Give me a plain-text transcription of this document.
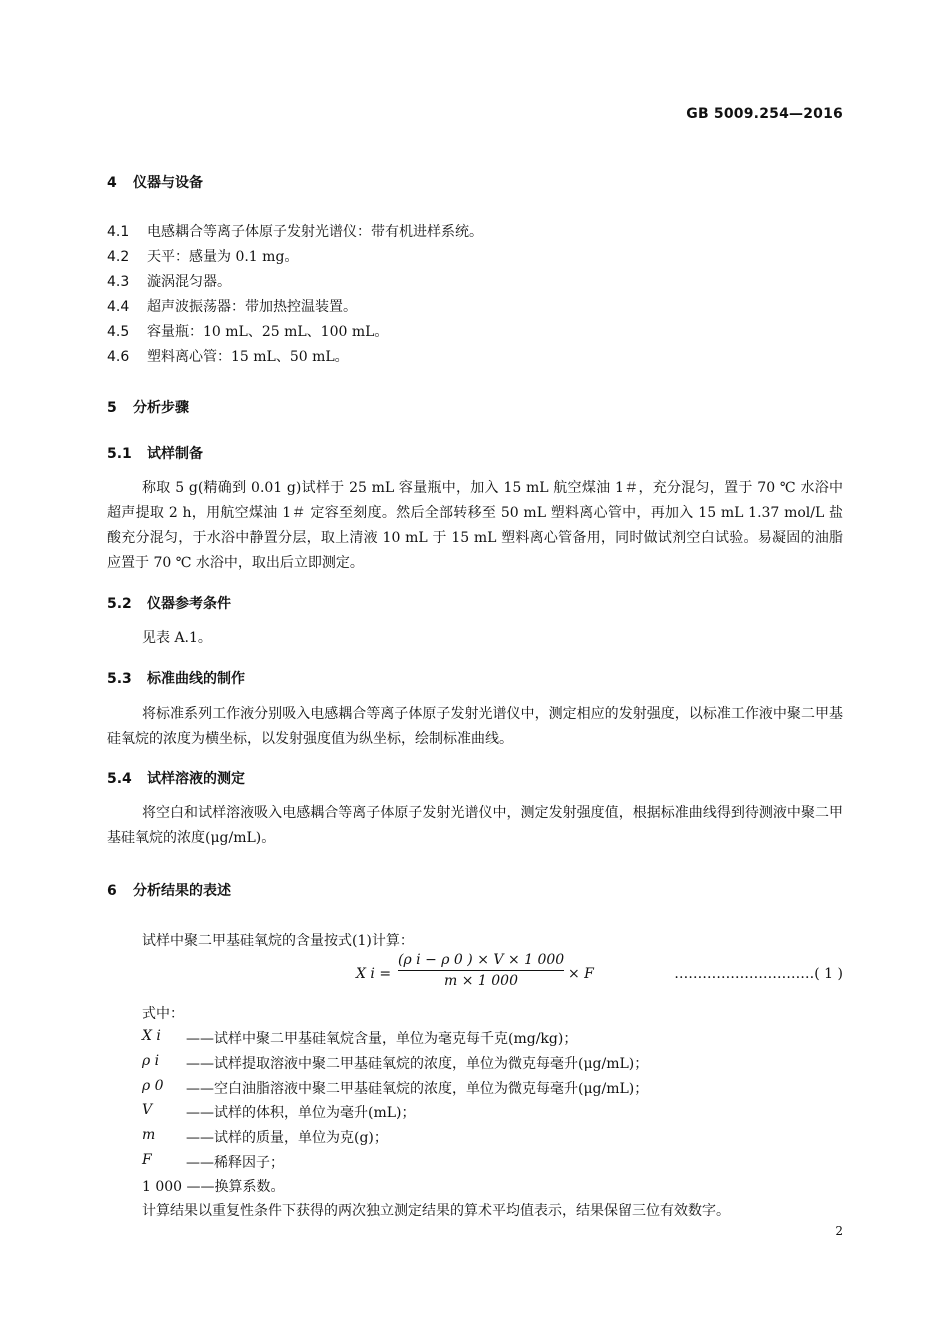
GB 5009.254—2016
4 仪器与设备
4.1 电感耦合等离子体原子发射光谱仪：带有机进样系统。
4.2 天平：感量为 0.1 mg。
4.3 漩涡混匀器。
4.4 超声波振荡器：带加热控温装置。
4.5 容量瓶：10 mL、25 mL、100 mL。
4.6 塑料离心管：15 mL、50 mL。
5 分析步骤
5.1 试样制备

称取 5 g(精确到 0.01 g)试样于 25 mL 容量瓶中，加入 15 mL 航空煤油 1＃，充分混匀，置于 70 ℃ 水浴中超声提取 2 h，用航空煤油 1＃ 定容至刻度。然后全部转移至 50 mL 塑料离心管中，再加入 15 mL 1.37 mol/L 盐酸充分混匀，于水浴中静置分层，取上清液 10 mL 于 15 mL 塑料离心管备用，同时做试剂空白试验。易凝固的油脂应置于 70 ℃ 水浴中，取出后立即测定。

5.2 仪器参考条件

见表 A.1。

5.3 标准曲线的制作

将标准系列工作液分别吸入电感耦合等离子体原子发射光谱仪中，测定相应的发射强度，以标准工作液中聚二甲基硅氧烷的浓度为横坐标，以发射强度值为纵坐标，绘制标准曲线。

5.4 试样溶液的测定

将空白和试样溶液吸入电感耦合等离子体原子发射光谱仪中，测定发射强度值，根据标准曲线得到待测液中聚二甲基硅氧烷的浓度(μg/mL)。

6 分析结果的表述
试样中聚二甲基硅氧烷的含量按式(1)计算：
X $i = \frac{\text{(ρ i − ρ 0 ) × V × 1 000}}{m \times 1 000} \times F$	…………………………( 1 )
式中：
X i ——试样中聚二甲基硅氧烷含量，单位为毫克每千克(mg/kg)；
ρ i ——试样提取溶液中聚二甲基硅氧烷的浓度，单位为微克每毫升(μg/mL)；
ρ 0 ——空白油脂溶液中聚二甲基硅氧烷的浓度，单位为微克每毫升(μg/mL)；
V ——试样的体积，单位为毫升(mL)；
m ——试样的质量，单位为克(g)；
F ——稀释因子；
1 000 ——换算系数。
计算结果以重复性条件下获得的两次独立测定结果的算术平均值表示，结果保留三位有效数字。
2
